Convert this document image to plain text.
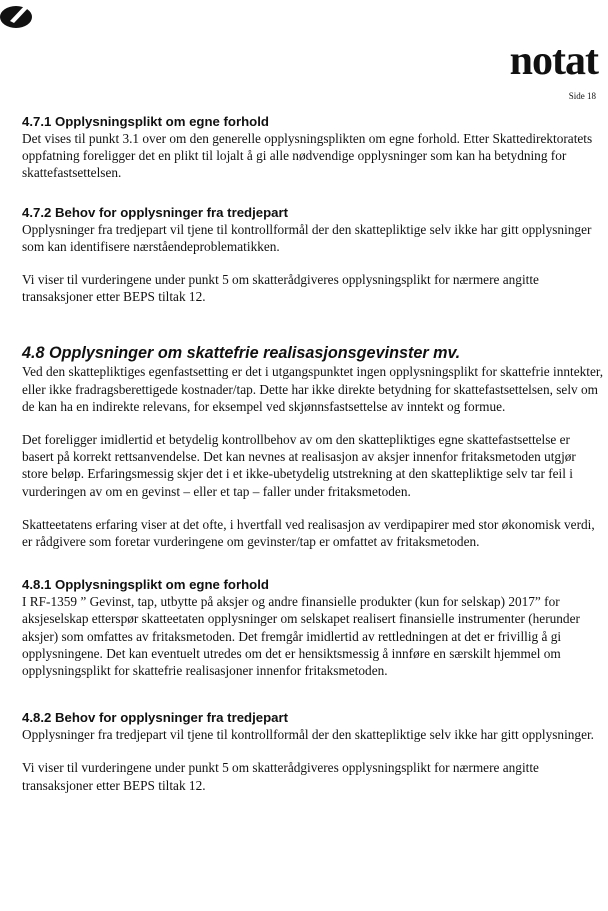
notat
Side 18
4.7.1 Opplysningsplikt om egne forhold

Det vises til punkt 3.1 over om den generelle opplysningsplikten om egne forhold. Etter Skattedirektoratets oppfatning foreligger det en plikt til lojalt å gi alle nødvendige opplysninger som kan ha betydning for skattefastsettelsen.

4.7.2 Behov for opplysninger fra tredjepart

Opplysninger fra tredjepart vil tjene til kontrollformål der den skattepliktige selv ikke har gitt opplysninger som kan identifisere nærståendeproblematikken.

Vi viser til vurderingene under punkt 5 om skatterådgiveres opplysningsplikt for nærmere angitte transaksjoner etter BEPS tiltak 12.

4.8 Opplysninger om skattefrie realisasjonsgevinster mv.

Ved den skattepliktiges egenfastsetting er det i utgangspunktet ingen opplysningsplikt for skattefrie inntekter, eller ikke fradragsberettigede kostnader/tap. Dette har ikke direkte betydning for skattefastsettelsen, selv om de kan ha en indirekte relevans, for eksempel ved skjønnsfastsettelse av inntekt og formue.

Det foreligger imidlertid et betydelig kontrollbehov av om den skattepliktiges egne skattefastsettelse er basert på korrekt rettsanvendelse. Det kan nevnes at realisasjon av aksjer innenfor fritaksmetoden utgjør store beløp. Erfaringsmessig skjer det i et ikke-ubetydelig utstrekning at den skattepliktige selv tar feil i vurderingen av om en gevinst – eller et tap – faller under fritaksmetoden.

Skatteetatens erfaring viser at det ofte, i hvertfall ved realisasjon av verdipapirer med stor økonomisk verdi, er rådgivere som foretar vurderingene om gevinster/tap er omfattet av fritaksmetoden.

4.8.1 Opplysningsplikt om egne forhold

I RF-1359 ” Gevinst, tap, utbytte på aksjer og andre finansielle produkter (kun for selskap) 2017” for aksjeselskap etterspør skatteetaten opplysninger om selskapet realisert finansielle instrumenter (herunder aksjer) som omfattes av fritaksmetoden. Det fremgår imidlertid av rettledningen at det er frivillig å gi opplysningene. Det kan eventuelt utredes om det er hensiktsmessig å innføre en særskilt hjemmel om opplysningsplikt for skattefrie realisasjoner innenfor fritaksmetoden.

4.8.2 Behov for opplysninger fra tredjepart

Opplysninger fra tredjepart vil tjene til kontrollformål der den skattepliktige selv ikke har gitt opplysninger.

Vi viser til vurderingene under punkt 5 om skatterådgiveres opplysningsplikt for nærmere angitte transaksjoner etter BEPS tiltak 12.
